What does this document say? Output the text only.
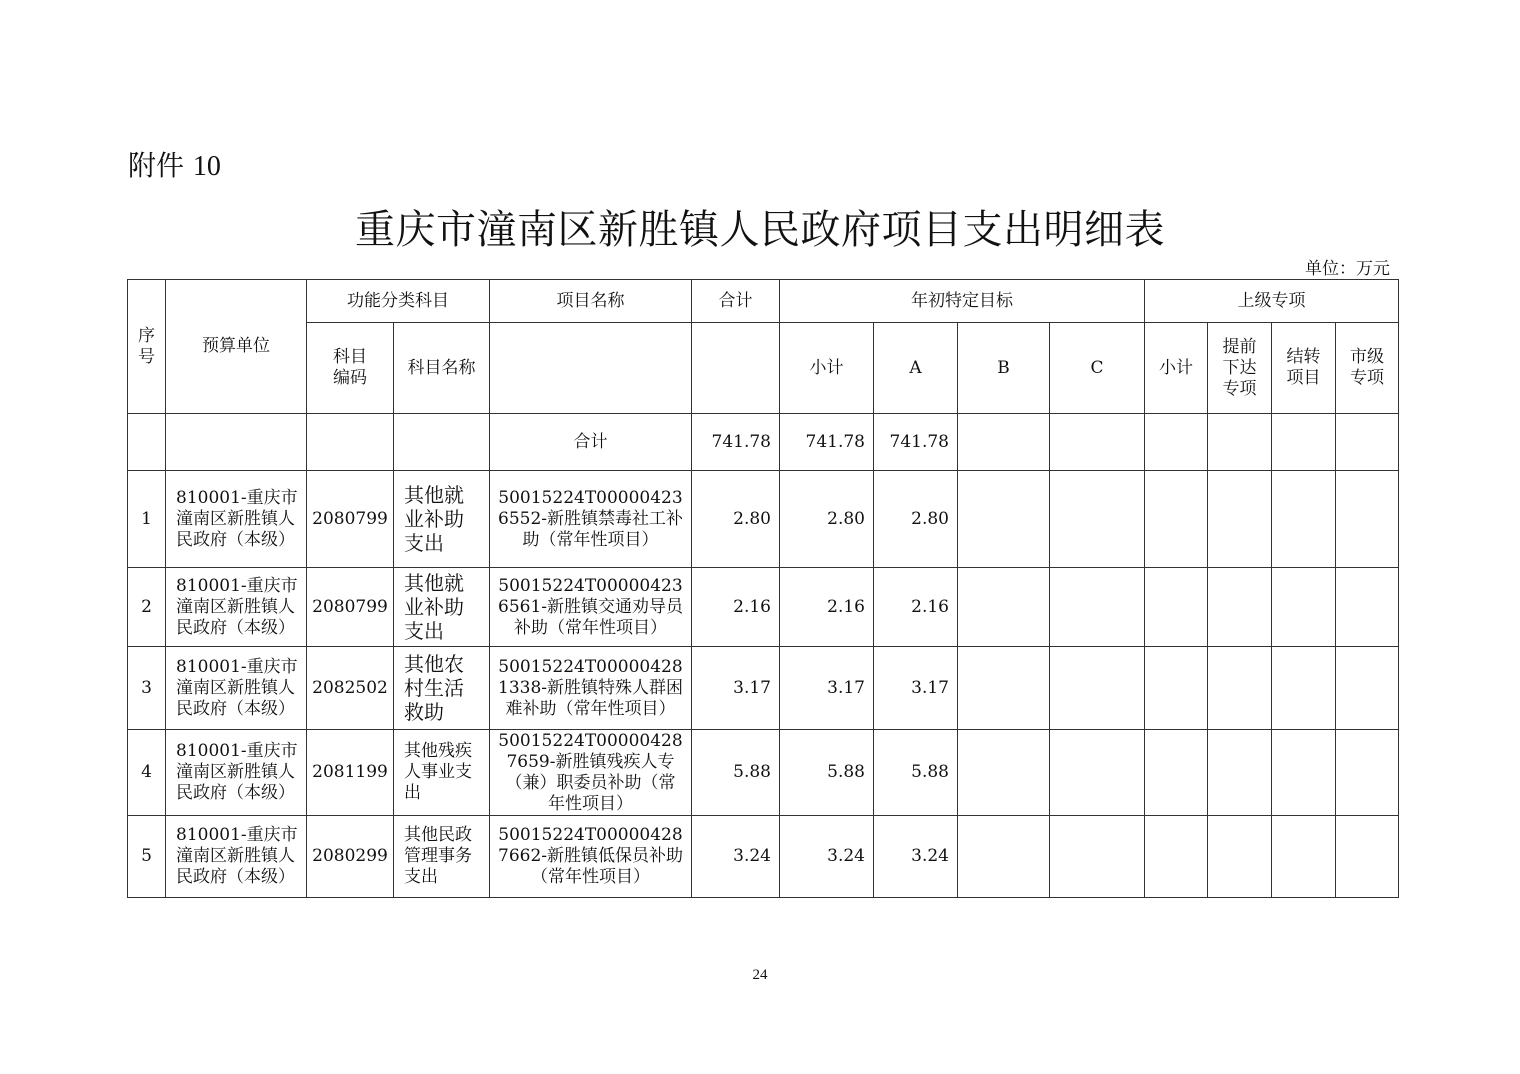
附件 10
重庆市潼南区新胜镇人民政府项目支出明细表
单位：万元
序号	预算单位	功能分类科目		项目名称	合计	年初特定目标				上级专项			
		科目编码	科目名称			小计	A	B	C	小计	提前下达专项	结转项目	市级专项
				合计	741.78	741.78	741.78						
1	810001-重庆市潼南区新胜镇人民政府（本级）	2080799	其他就业补助支出	50015224T000004236552-新胜镇禁毒社工补助（常年性项目）	2.80	2.80	2.80						
2	810001-重庆市潼南区新胜镇人民政府（本级）	2080799	其他就业补助支出	50015224T000004236561-新胜镇交通劝导员补助（常年性项目）	2.16	2.16	2.16						
3	810001-重庆市潼南区新胜镇人民政府（本级）	2082502	其他农村生活救助	50015224T000004281338-新胜镇特殊人群困难补助（常年性项目）	3.17	3.17	3.17						
4	810001-重庆市潼南区新胜镇人民政府（本级）	2081199	其他残疾人事业支出	50015224T000004287659-新胜镇残疾人专（兼）职委员补助（常年性项目）	5.88	5.88	5.88						
5	810001-重庆市潼南区新胜镇人民政府（本级）	2080299	其他民政管理事务支出	50015224T000004287662-新胜镇低保员补助（常年性项目）	3.24	3.24	3.24						
24
